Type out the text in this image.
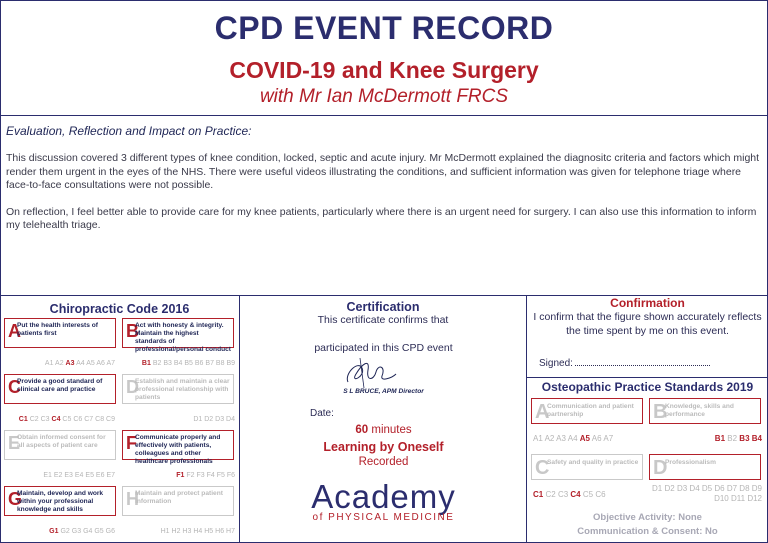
CPD EVENT RECORD
COVID-19 and Knee Surgery
with Mr Ian McDermott FRCS
Evaluation, Reflection and Impact on Practice:

This discussion covered 3 different types of knee condition, locked, septic and acute injury. Mr McDermott explained the diagnositc criteria and factors which might render them urgent in the eyes of the NHS. There were useful videos illustrating the conditions, and sufficient information was given for telephone triage where face-to-face consultations were not possible.

On reflection, I feel better able to provide care for my knee patients, particularly where there is an urgent need for surgery. I can also use this information to inform my telehealth triage.

Chiropractic Code 2016
A
Put the health interests of patients first
A1 A2 A3 A4 A5 A6 A7
B
Act with honesty & integrity. Maintain the highest standards of professional/personal conduct
B1 B2 B3 B4 B5 B6 B7 B8 B9
C
Provide a good standard of clinical care and practice
C1 C2 C3 C4 C5 C6 C7 C8 C9
D
Establish and maintain a clear professional relationship with patients
D1 D2 D3 D4
E
Obtain informed consent for all aspects of patient care
E1 E2 E3 E4 E5 E6 E7
F
Communicate properly and effectively with patients, colleagues and other healthcare professionals
F1 F2 F3 F4 F5 F6
G
Maintain, develop and work within your professional knowledge and skills
G1 G2 G3 G4 G5 G6
H
Maintain and protect patient information
H1 H2 H3 H4 H5 H6 H7
Certification
This certificate confirms that
participated in this CPD event
S L BRUCE, APM Director
Date:
60 minutes
Learning by Oneself
Recorded
Academy
of PHYSICAL MEDICINE
Confirmation
I confirm that the figure shown accurately reflects the time spent by me on this event.
Signed:
Osteopathic Practice Standards 2019
A
Communication and patient partnership
A1 A2 A3 A4 A5 A6 A7
B
Knowledge, skills and performance
B1 B2 B3 B4
C
Safety and quality in practice
C1 C2 C3 C4 C5 C6
D
Professionalism
D1 D2 D3 D4 D5 D6 D7 D8 D9 D10 D11 D12
Objective Activity: None
Communication & Consent: No
